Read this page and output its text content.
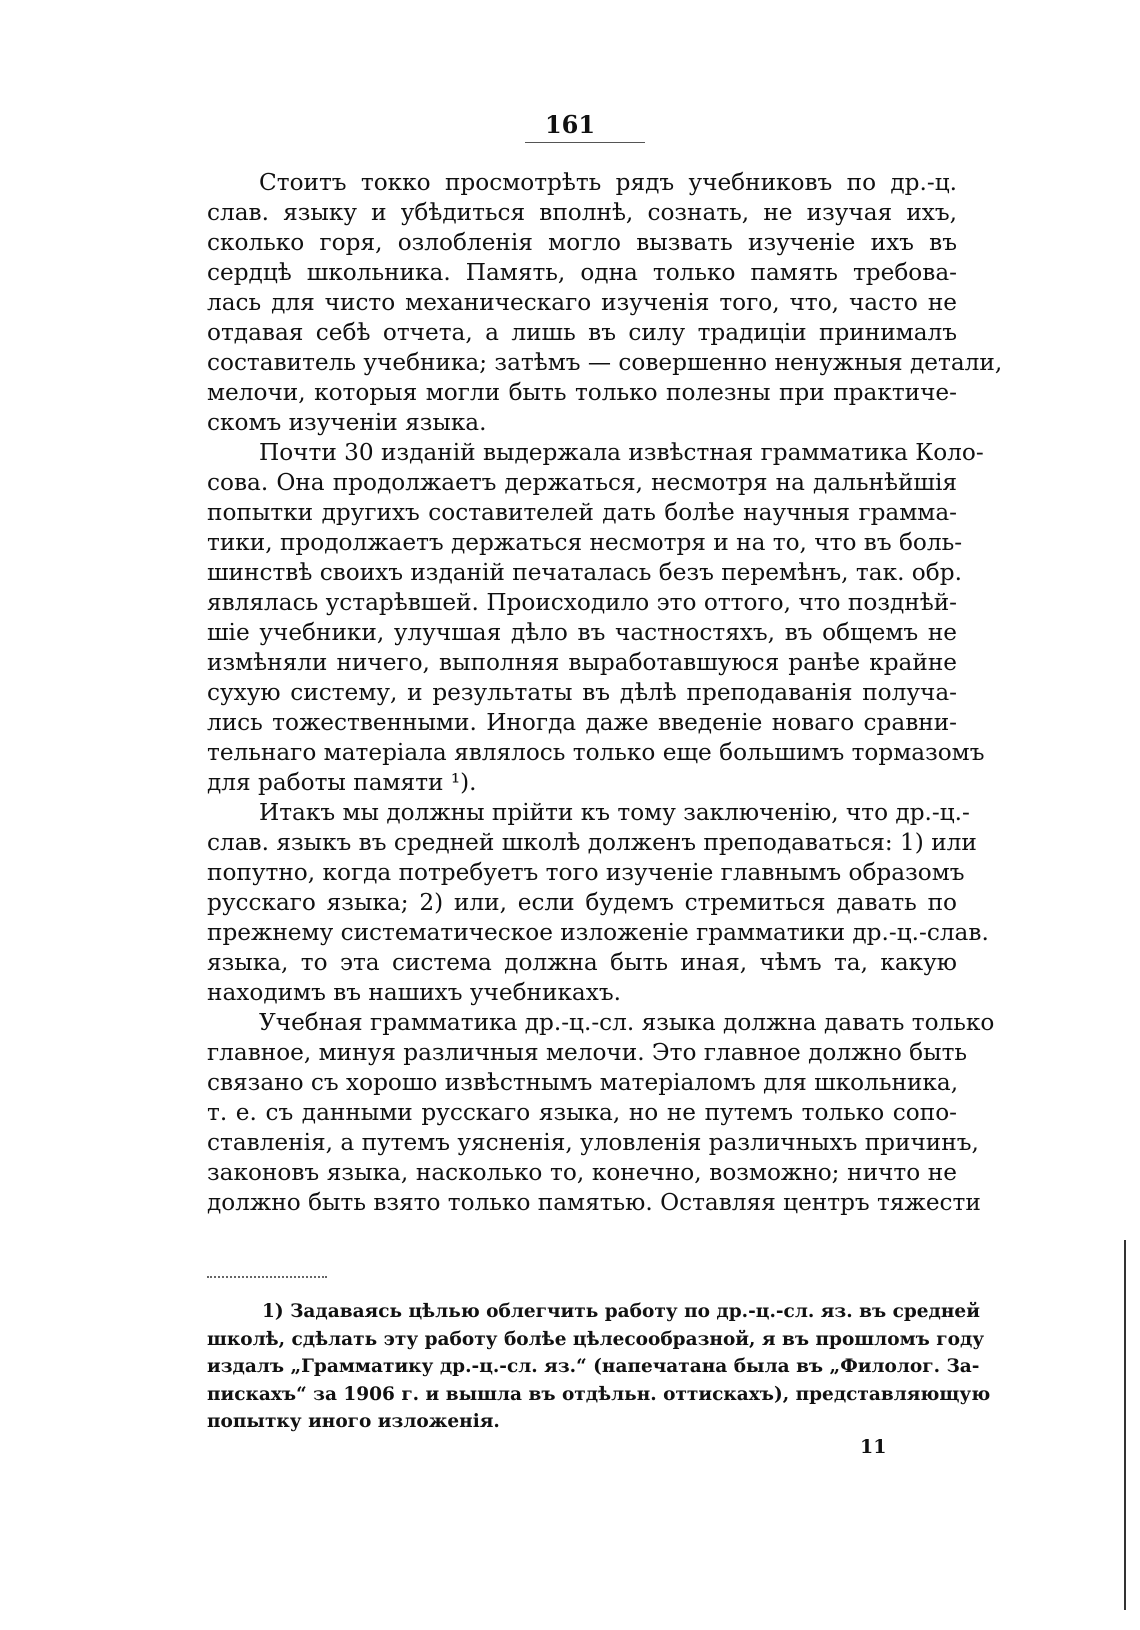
161
Стоитъ токко просмотрѣть рядъ учебниковъ по др.-ц.
слав. языку и убѣдиться вполнѣ, сознать, не изучая ихъ,
сколько горя, озлобленія могло вызвать изученіе ихъ въ
сердцѣ школьника. Память, одна только память требова-
лась для чисто механическаго изученія того, что, часто не
отдавая себѣ отчета, а лишь въ силу традиціи принималъ
составитель учебника; затѣмъ — совершенно ненужныя детали,
мелочи, которыя могли быть только полезны при практиче-
скомъ изученіи языка.
Почти 30 изданій выдержала извѣстная грамматика Коло-
сова. Она продолжаетъ держаться, несмотря на дальнѣйшія
попытки другихъ составителей дать болѣе научныя грамма-
тики, продолжаетъ держаться несмотря и на то, что въ боль-
шинствѣ своихъ изданій печаталась безъ перемѣнъ, так. обр.
являлась устарѣвшей. Происходило это оттого, что позднѣй-
шіе учебники, улучшая дѣло въ частностяхъ, въ общемъ не
измѣняли ничего, выполняя выработавшуюся ранѣе крайне
сухую систему, и результаты въ дѣлѣ преподаванія получа-
лись тожественными. Иногда даже введеніе новаго сравни-
тельнаго матеріала являлось только еще большимъ тормазомъ
для работы памяти ¹).
Итакъ мы должны прійти къ тому заключенію, что др.-ц.-
слав. языкъ въ средней школѣ долженъ преподаваться: 1) или
попутно, когда потребуетъ того изученіе главнымъ образомъ
русскаго языка; 2) или, если будемъ стремиться давать по
прежнему систематическое изложеніе грамматики др.-ц.-слав.
языка, то эта система должна быть иная, чѣмъ та, какую
находимъ въ нашихъ учебникахъ.
Учебная грамматика др.-ц.-сл. языка должна давать только
главное, минуя различныя мелочи. Это главное должно быть
связано съ хорошо извѣстнымъ матеріаломъ для школьника,
т. е. съ данными русскаго языка, но не путемъ только сопо-
ставленія, а путемъ уясненія, уловленія различныхъ причинъ,
законовъ языка, насколько то, конечно, возможно; ничто не
должно быть взято только памятью. Оставляя центръ тяжести
1) Задаваясь цѣлью облегчить работу по др.-ц.-сл. яз. въ средней
школѣ, сдѣлать эту работу болѣе цѣлесообразной, я въ прошломъ году
издалъ „Грамматику др.-ц.-сл. яз.“ (напечатана была въ „Филолог. За-
пискахъ“ за 1906 г. и вышла въ отдѣльн. оттискахъ), представляющую
попытку иного изложенія.
11
